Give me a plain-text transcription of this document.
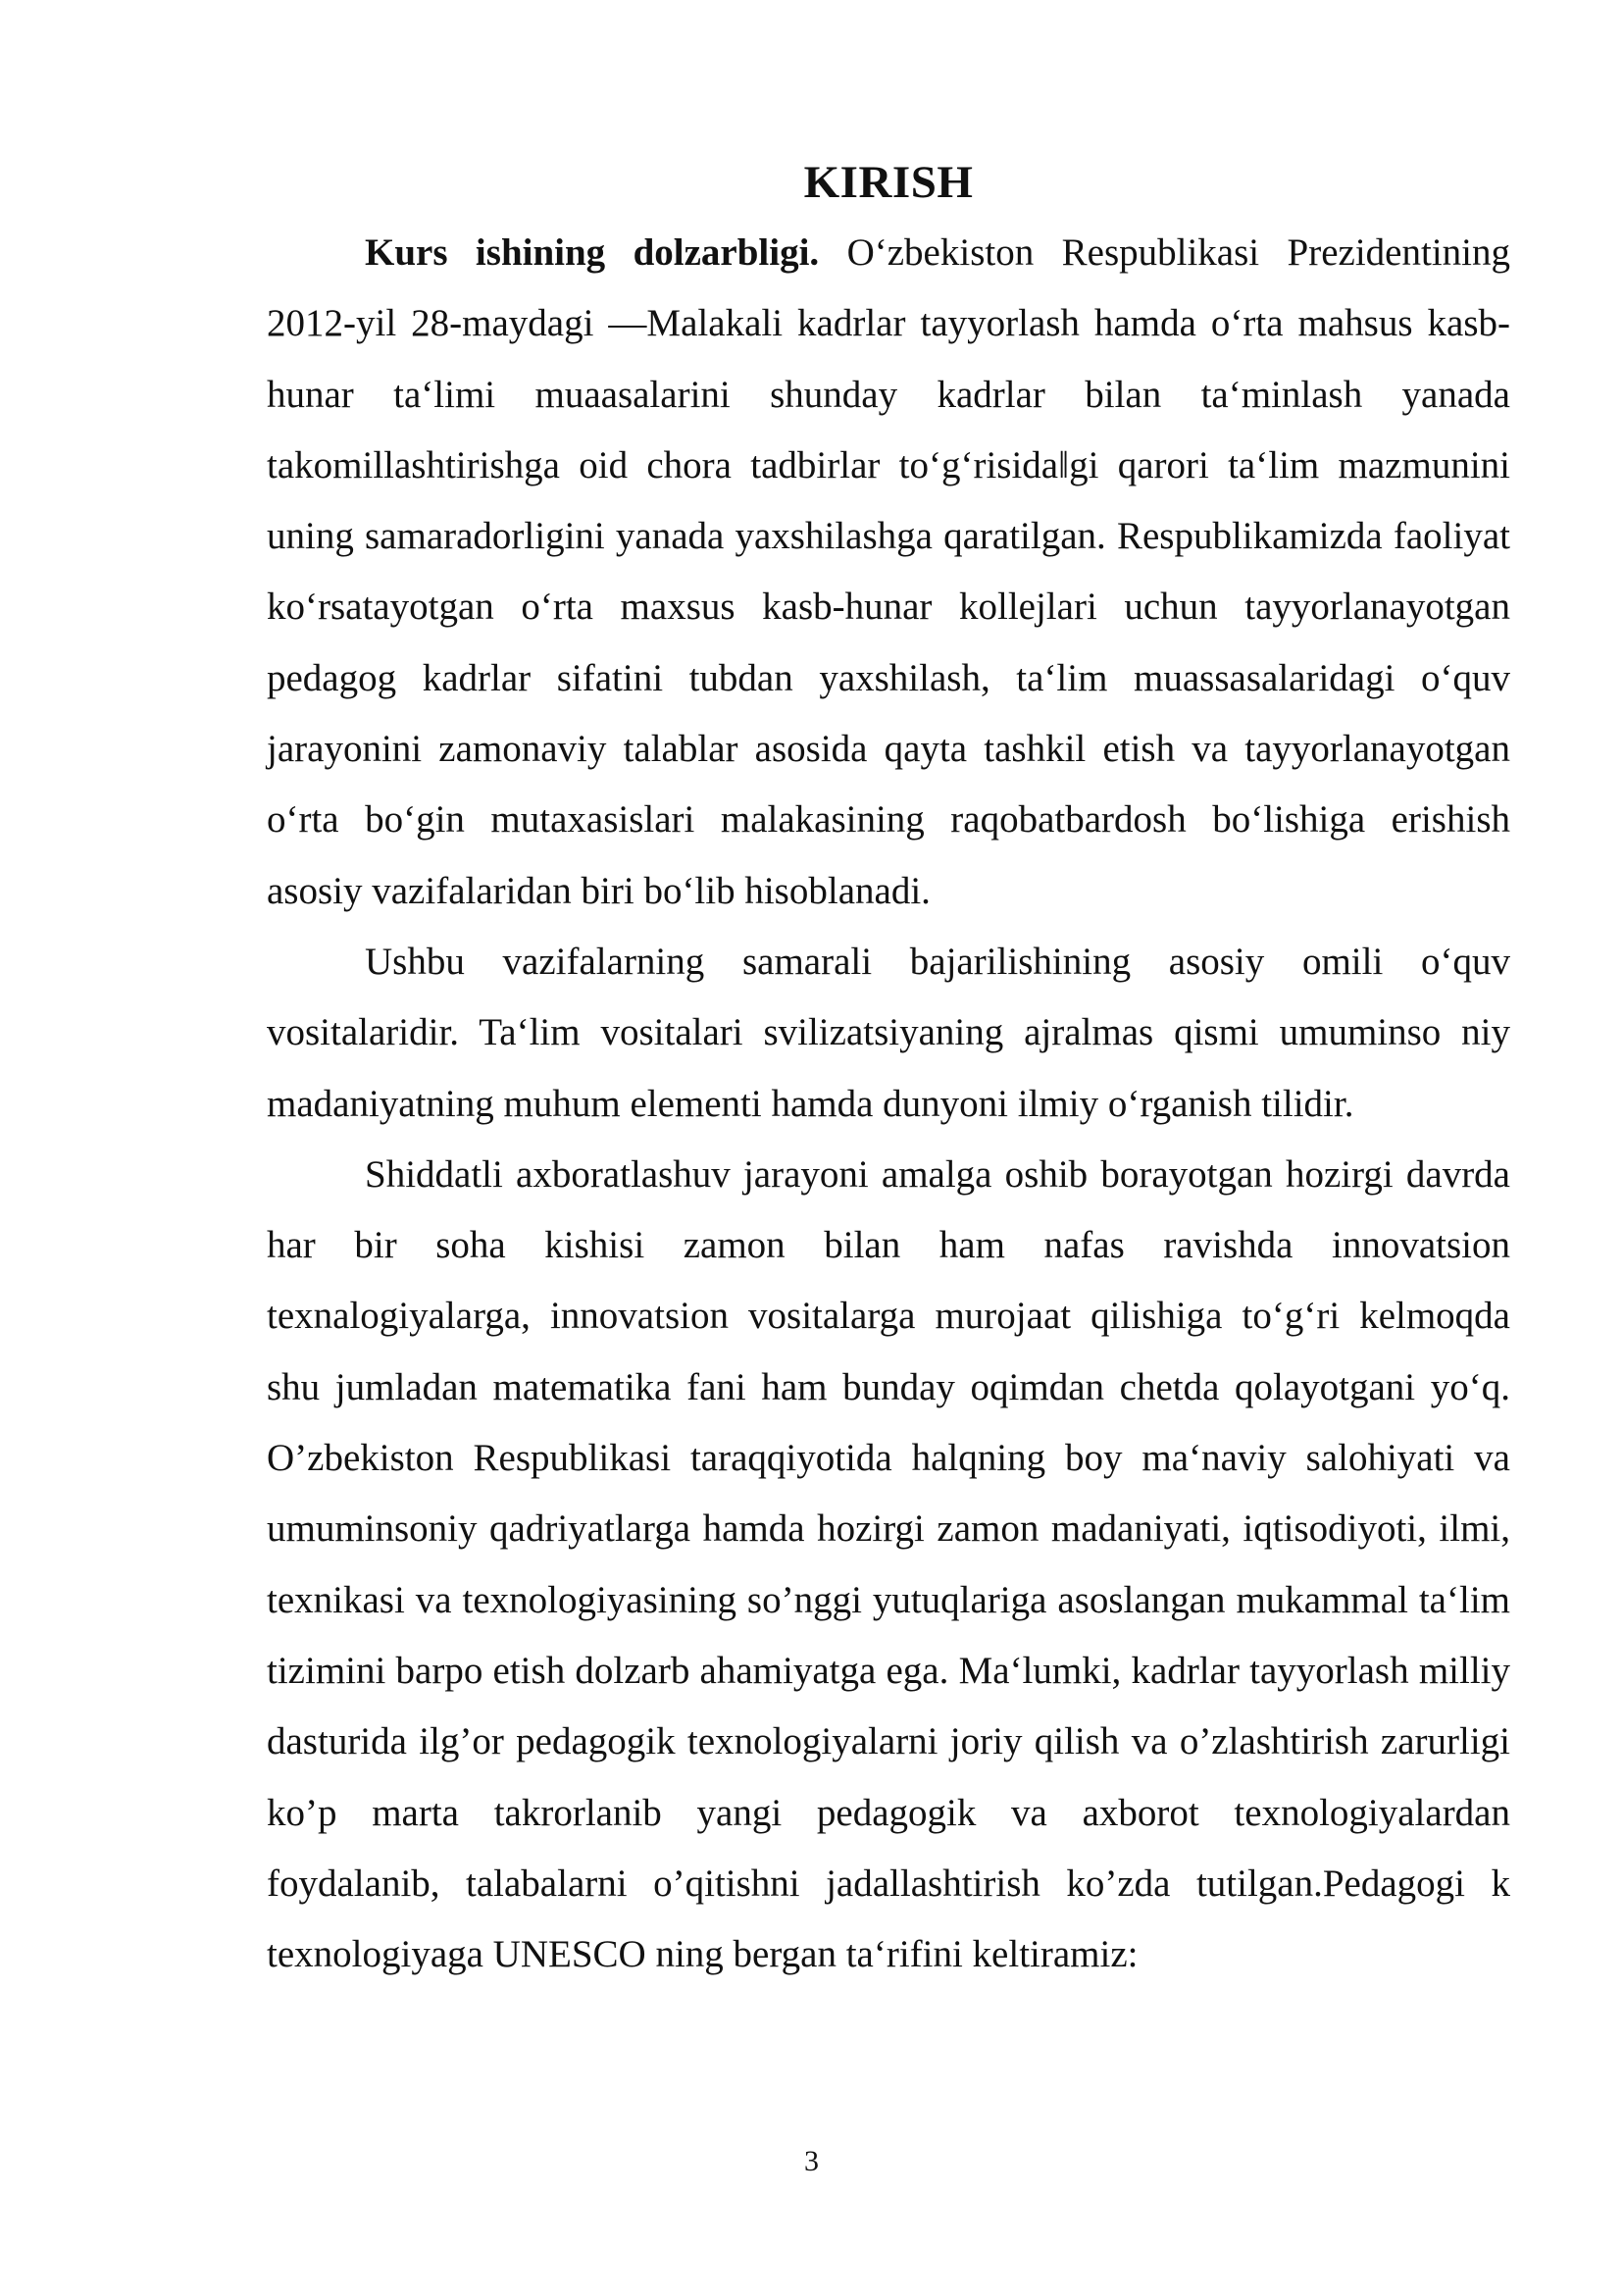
KIRISH

Kurs ishining dolzarbligi. O‘zbekiston Respublikasi Prezidentining 2012-yil 28-maydagi ―Malakali kadrlar tayyorlash hamda o‘rta mahsus kasb-hunar ta‘limi muaasalarini shunday kadrlar bilan ta‘minlash yanada takomillashtirishga oid chora tadbirlar to‘g‘risida‖gi qarori ta‘lim mazmunini uning samaradorligini yanada yaxshilashga qaratilgan. Respublikamizda faoliyat ko‘rsatayotgan o‘rta maxsus kasb-hunar kollejlari uchun tayyorlanayotgan pedagog kadrlar sifatini tubdan yaxshilash, ta‘lim muassasalaridagi o‘quv jarayonini zamonaviy talablar asosida qayta tashkil etish va tayyorlanayotgan o‘rta bo‘gin mutaxasislari malakasining raqobatbardosh bo‘lishiga erishish asosiy vazifalaridan biri bo‘lib hisoblanadi.

Ushbu vazifalarning samarali bajarilishining asosiy omili o‘quv vositalaridir. Ta‘lim vositalari svilizatsiyaning ajralmas qismi umuminso niy madaniyatning muhum elementi hamda dunyoni ilmiy o‘rganish tilidir.

Shiddatli axboratlashuv jarayoni amalga oshib borayotgan hozirgi davrda har bir soha kishisi zamon bilan ham nafas ravishda innovatsion texnalogiyalarga, innovatsion vositalarga murojaat qilishiga to‘g‘ri kelmoqda shu jumladan matematika fani ham bunday oqimdan chetda qolayotgani yo‘q. O’zbekiston Respublikasi taraqqiyotida halqning boy ma‘naviy salohiyati va umuminsoniy qadriyatlarga hamda hozirgi zamon madaniyati, iqtisodiyoti, ilmi, texnikasi va texnologiyasining so’nggi yutuqlariga asoslangan mukammal ta‘lim tizimini barpo etish dolzarb ahamiyatga ega. Ma‘lumki, kadrlar tayyorlash milliy dasturida ilg’or pedagogik texnologiyalarni joriy qilish va o’zlashtirish zarurligi ko’p marta takrorlanib yangi pedagogik va axborot texnologiyalardan foydalanib, talabalarni o’qitishni jadallashtirish ko’zda tutilgan.Pedagogi k texnologiyaga UNESCO ning bergan ta‘rifini keltiramiz:

3
